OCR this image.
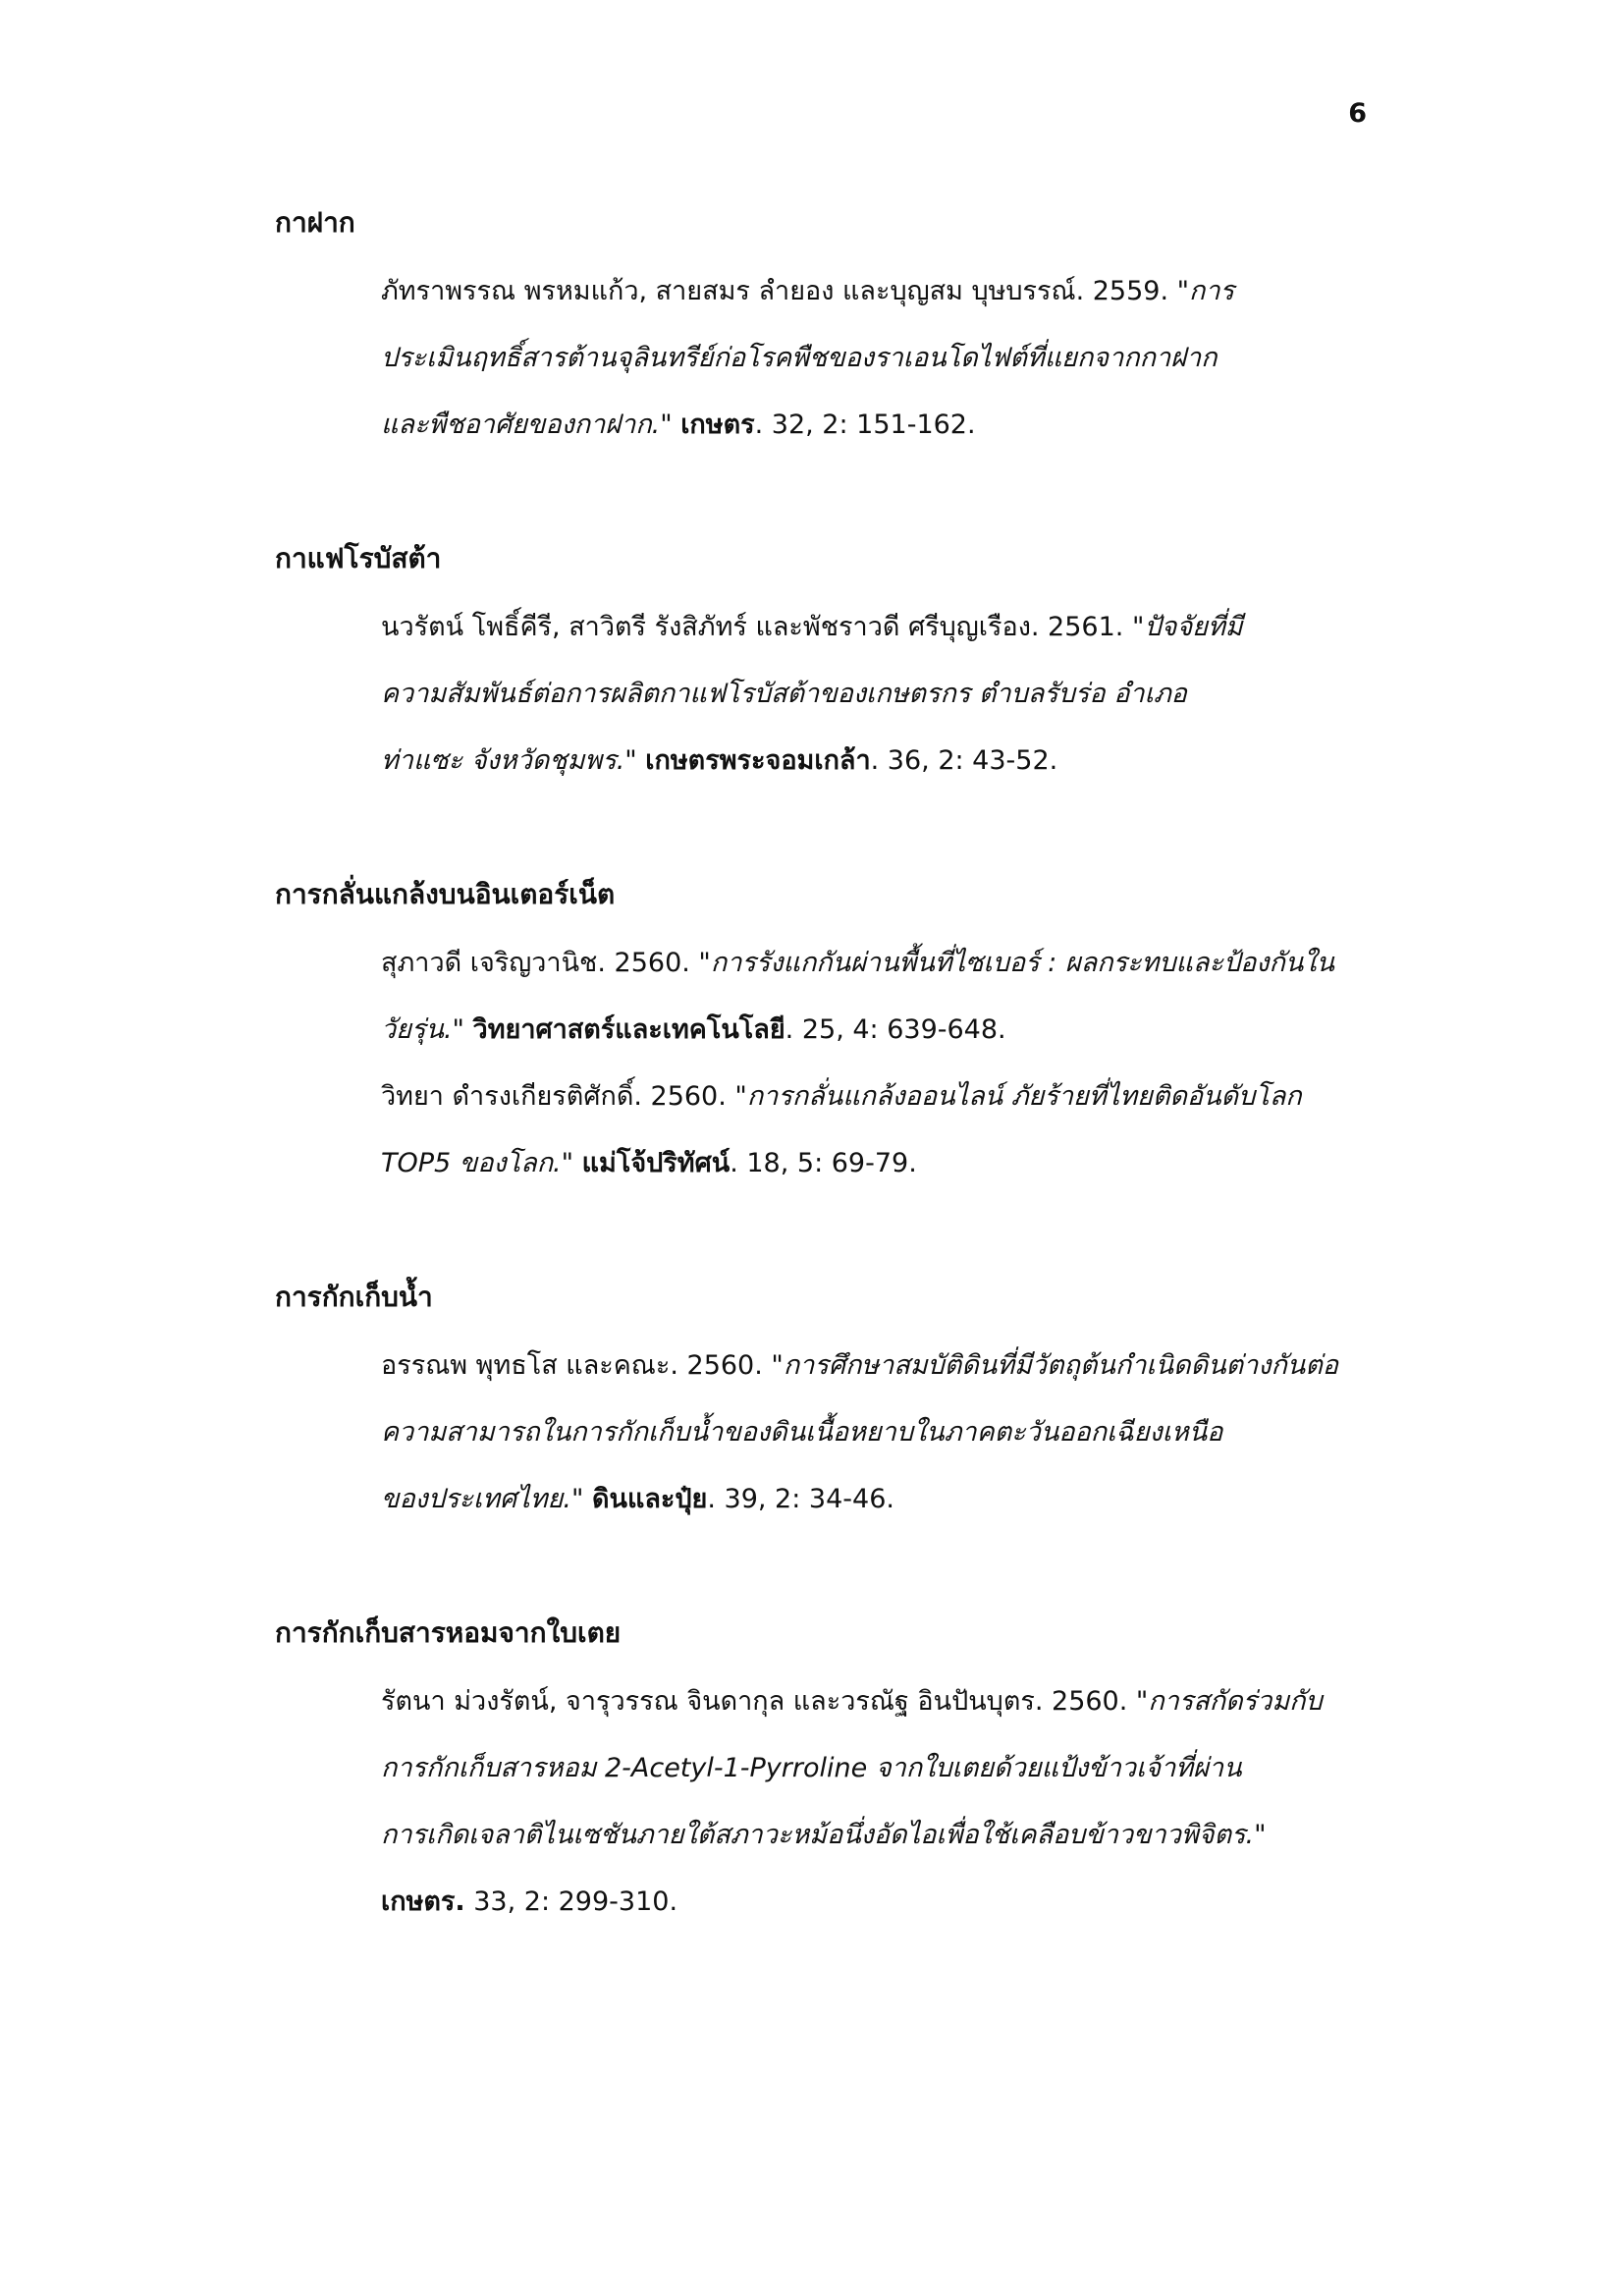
6
กาฝาก
ภัทราพรรณ พรหมแก้ว, สายสมร ลำยอง และบุญสม บุษบรรณ์. 2559. "การ
ประเมินฤทธิ์สารต้านจุลินทรีย์ก่อโรคพืชของราเอนโดไฟต์ที่แยกจากกาฝาก
และพืชอาศัยของกาฝาก." เกษตร. 32, 2: 151-162.
กาแฟโรบัสต้า
นวรัตน์ โพธิ์คีรี, สาวิตรี รังสิภัทร์ และพัชราวดี ศรีบุญเรือง. 2561. "ปัจจัยที่มี
ความสัมพันธ์ต่อการผลิตกาแฟโรบัสต้าของเกษตรกร ตำบลรับร่อ อำเภอ
ท่าแซะ จังหวัดชุมพร." เกษตรพระจอมเกล้า. 36, 2: 43-52.
การกลั่นแกล้งบนอินเตอร์เน็ต
สุภาวดี เจริญวานิช. 2560. "การรังแกกันผ่านพื้นที่ไซเบอร์ : ผลกระทบและป้องกันใน
วัยรุ่น." วิทยาศาสตร์และเทคโนโลยี. 25, 4: 639-648.
วิทยา ดำรงเกียรติศักดิ์. 2560. "การกลั่นแกล้งออนไลน์ ภัยร้ายที่ไทยติดอันดับโลก
TOP5 ของโลก." แม่โจ้ปริทัศน์. 18, 5: 69-79.
การกักเก็บน้ำ
อรรณพ พุทธโส และคณะ. 2560. "การศึกษาสมบัติดินที่มีวัตถุต้นกำเนิดดินต่างกันต่อ
ความสามารถในการกักเก็บน้ำของดินเนื้อหยาบในภาคตะวันออกเฉียงเหนือ
ของประเทศไทย." ดินและปุ๋ย. 39, 2: 34-46.
การกักเก็บสารหอมจากใบเตย
รัตนา ม่วงรัตน์, จารุวรรณ จินดากุล และวรณัฐ อินปันบุตร. 2560. "การสกัดร่วมกับ
การกักเก็บสารหอม 2-Acetyl-1-Pyrroline จากใบเตยด้วยแป้งข้าวเจ้าที่ผ่าน
การเกิดเจลาติไนเซชันภายใต้สภาวะหม้อนึ่งอัดไอเพื่อใช้เคลือบข้าวขาวพิจิตร."
เกษตร. 33, 2: 299-310.
